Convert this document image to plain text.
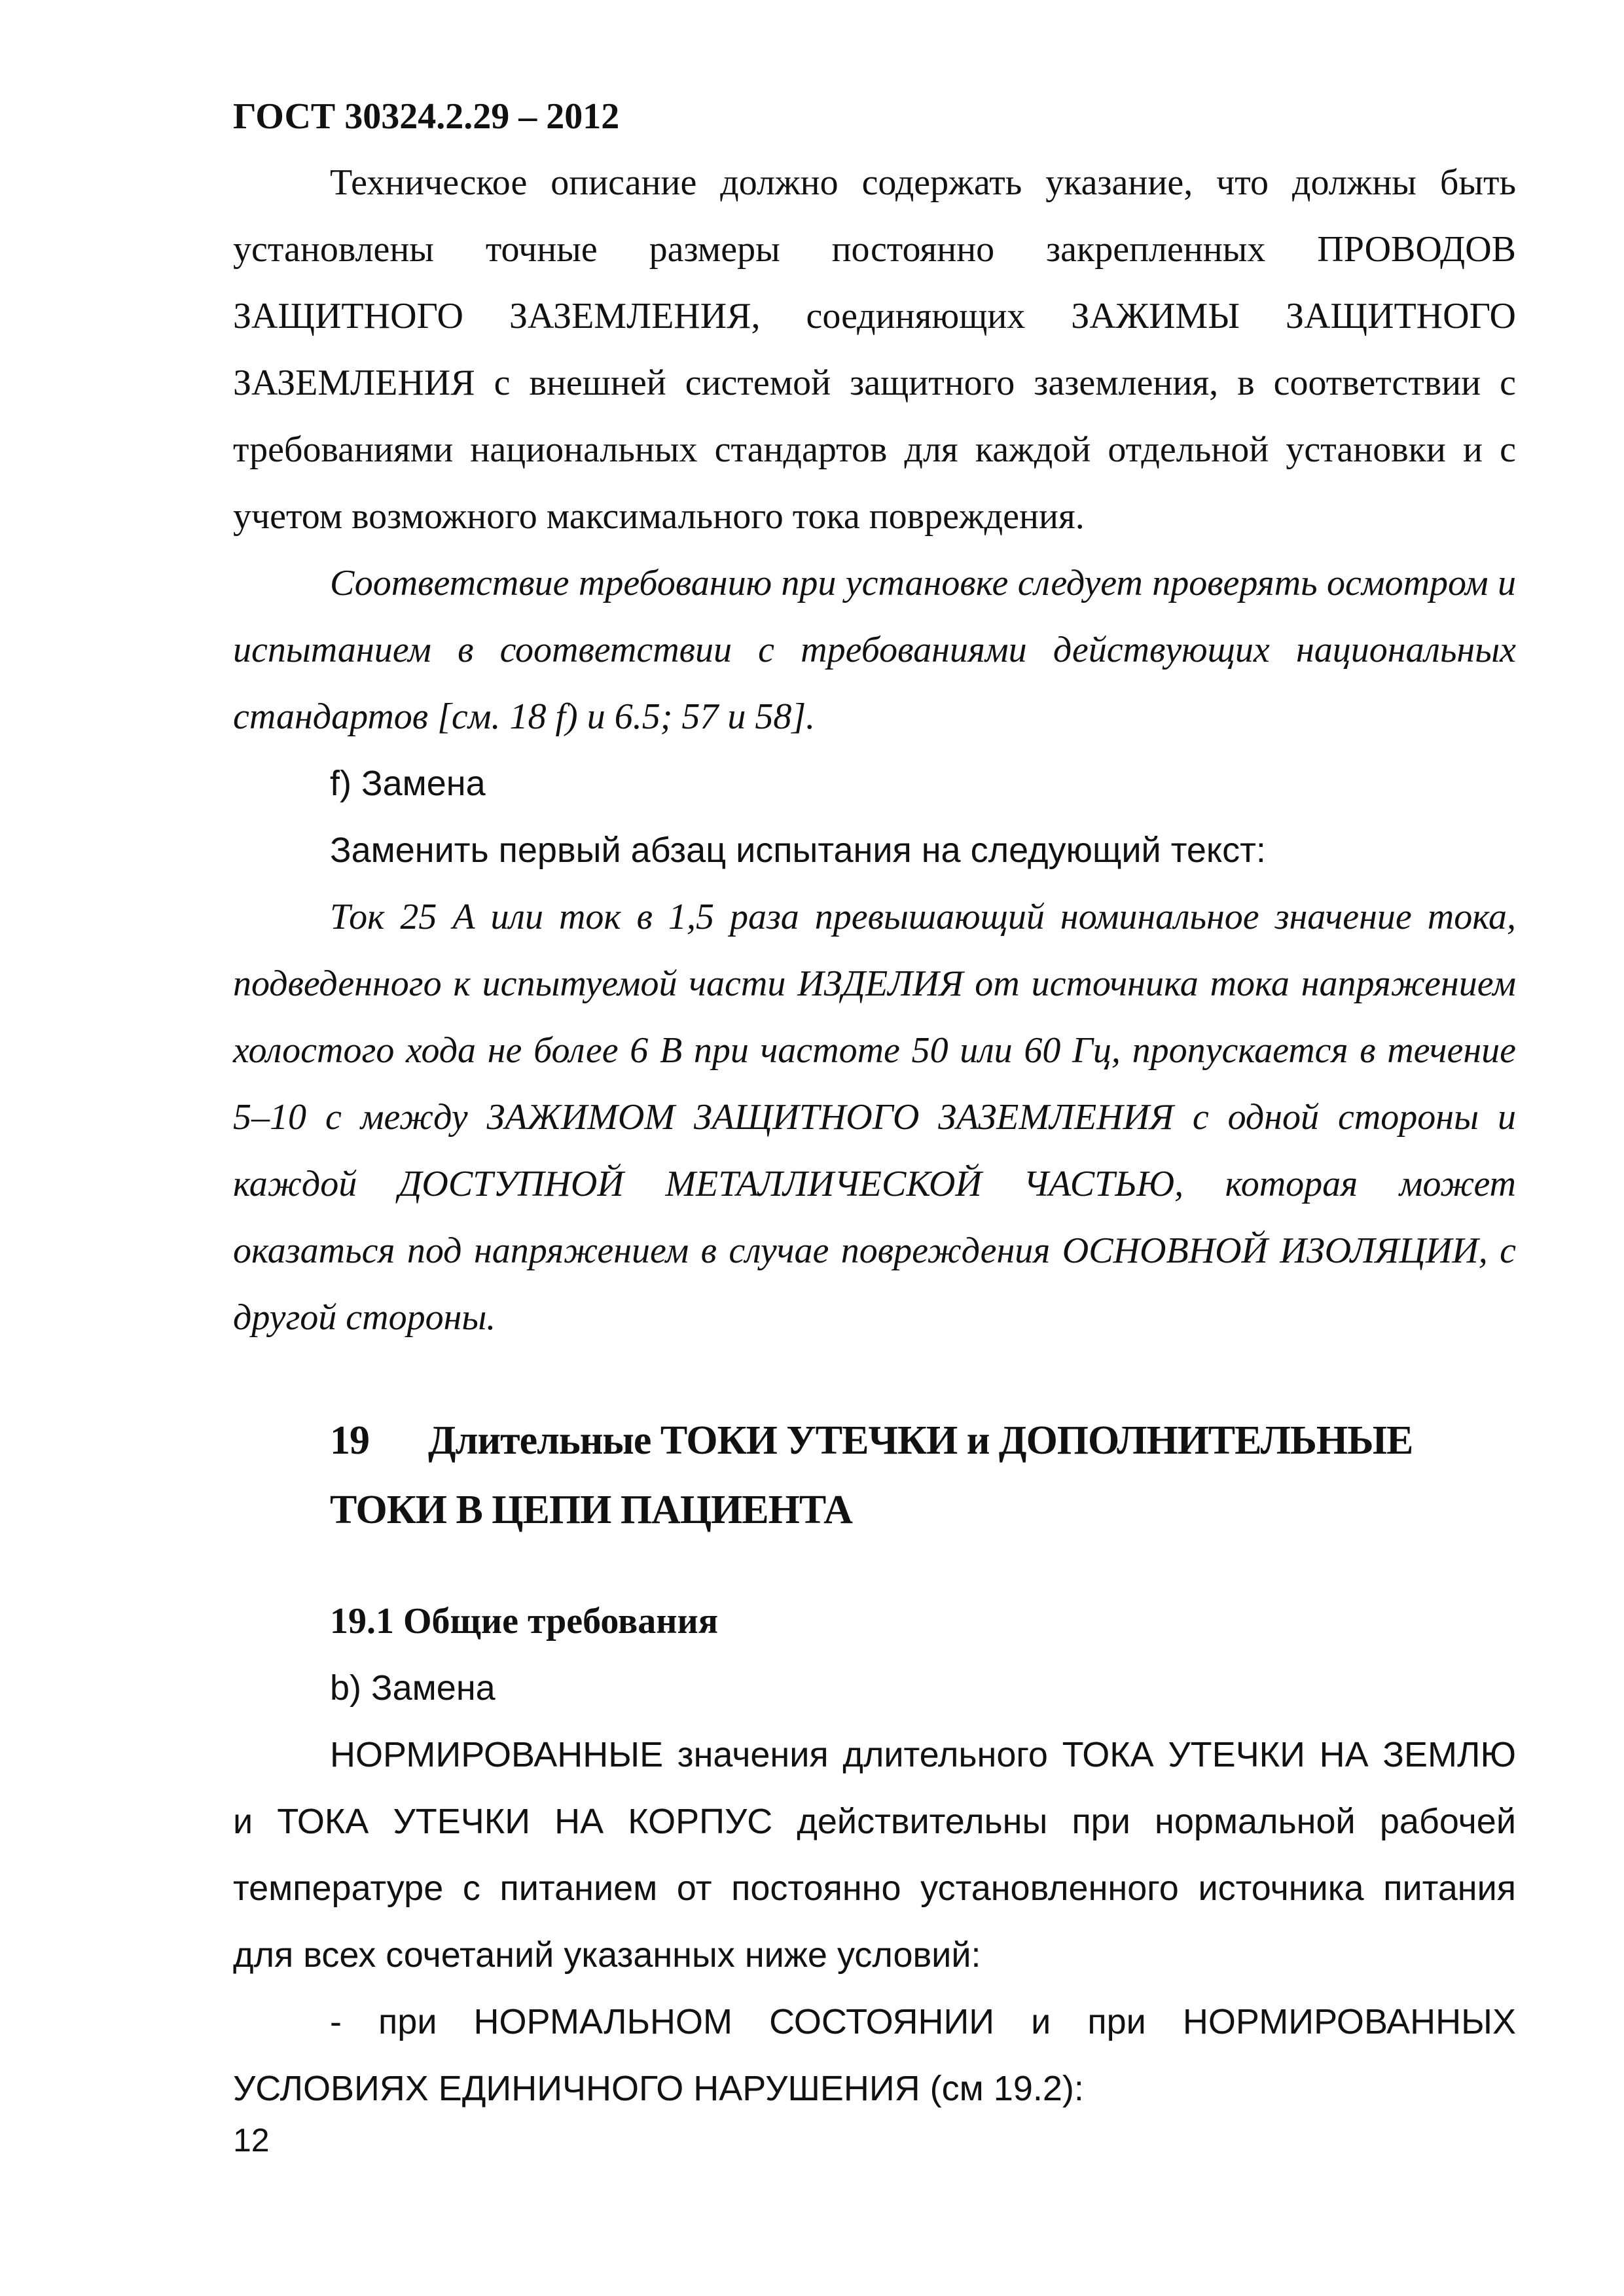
ГОСТ 30324.2.29 – 2012

Техническое описание должно содержать указание, что должны быть установлены точные размеры постоянно закрепленных ПРОВОДОВ ЗАЩИТНОГО ЗАЗЕМЛЕНИЯ, соединяющих ЗАЖИМЫ ЗАЩИТНОГО ЗАЗЕМЛЕНИЯ с внешней системой защитного заземления, в соответствии с требованиями национальных стандартов для каждой отдельной установки и с учетом возможного максимального тока повреждения.

Соответствие требованию при установке следует проверять осмотром и испытанием в соответствии с требованиями действующих национальных стандартов [см. 18 f) и 6.5; 57 и 58].

f) Замена

Заменить первый абзац испытания на следующий текст:

Ток 25 А или ток в 1,5 раза превышающий номинальное значение тока, подведенного к испытуемой части ИЗДЕЛИЯ от источника тока напряжением холостого хода не более 6 В при частоте 50 или 60 Гц, пропускается в течение 5–10 с между ЗАЖИМОМ ЗАЩИТНОГО ЗАЗЕМЛЕНИЯ с одной стороны и каждой ДОСТУПНОЙ МЕТАЛЛИЧЕСКОЙ ЧАСТЬЮ, которая может оказаться под напряжением в случае повреждения ОСНОВНОЙ ИЗОЛЯЦИИ, с другой стороны.

19 Длительные ТОКИ УТЕЧКИ и ДОПОЛНИТЕЛЬНЫЕ ТОКИ В ЦЕПИ ПАЦИЕНТА

19.1 Общие требования

b) Замена

НОРМИРОВАННЫЕ значения длительного ТОКА УТЕЧКИ НА ЗЕМЛЮ и ТОКА УТЕЧКИ НА КОРПУС действительны при нормальной рабочей температуре с питанием от постоянно установленного источника питания для всех сочетаний указанных ниже условий:

- при НОРМАЛЬНОМ СОСТОЯНИИ и при НОРМИРОВАННЫХ УСЛОВИЯХ ЕДИНИЧНОГО НАРУШЕНИЯ (см 19.2):

12
